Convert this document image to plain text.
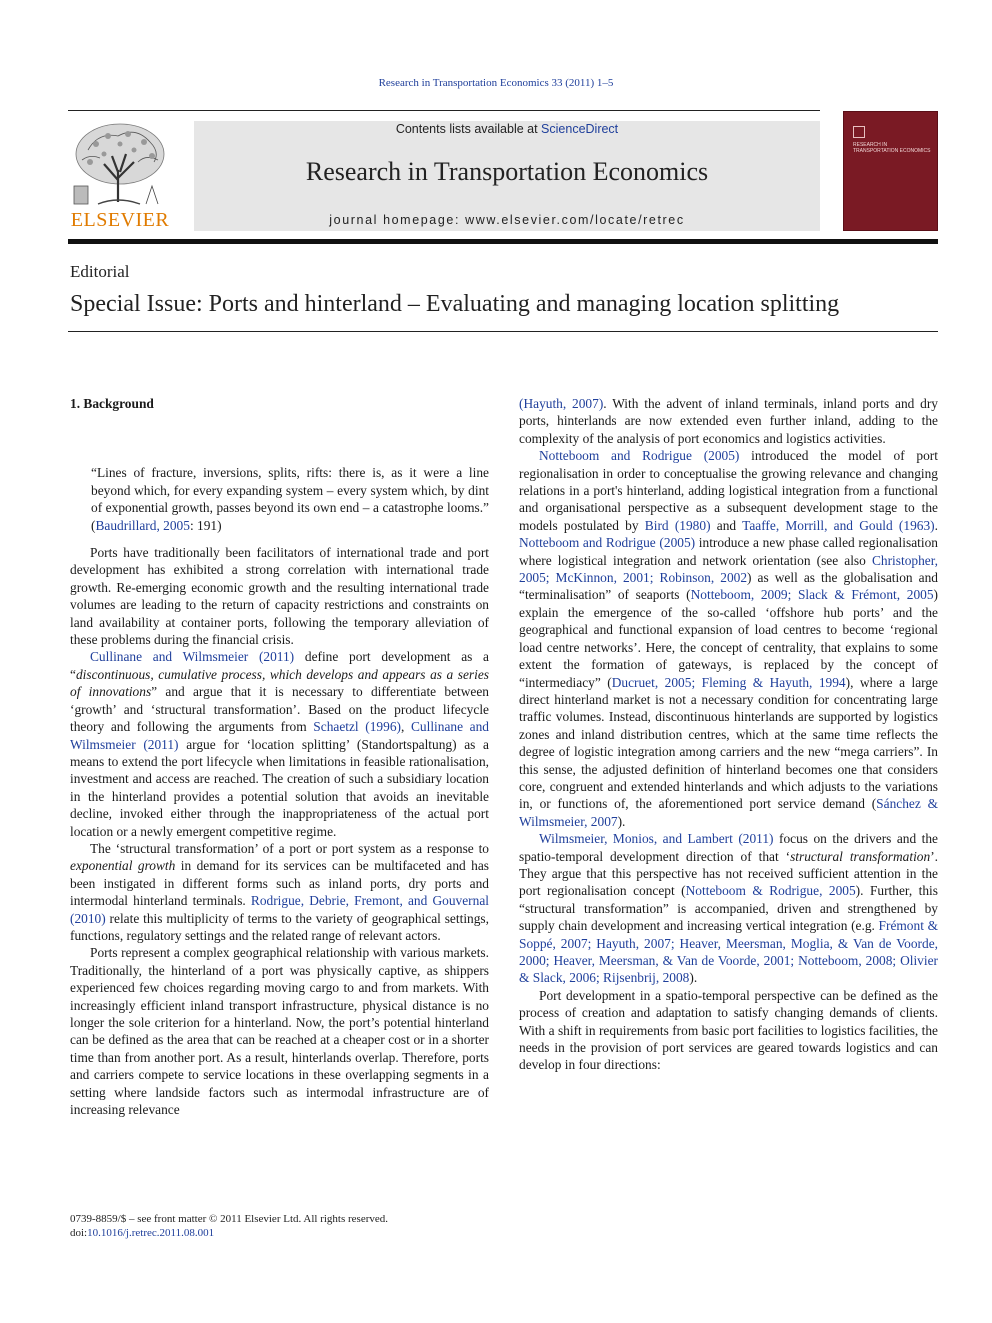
Research in Transportation Economics 33 (2011) 1–5
ELSEVIER
Contents lists available at ScienceDirect
Research in Transportation Economics
journal homepage: www.elsevier.com/locate/retrec
RESEARCH IN TRANSPORTATION ECONOMICS
Editorial
Special Issue: Ports and hinterland – Evaluating and managing location splitting
1. Background

“Lines of fracture, inversions, splits, rifts: there is, as it were a line beyond which, for every expanding system – every system which, by dint of exponential growth, passes beyond its own end – a catastrophe looms.” (Baudrillard, 2005: 191)

Ports have traditionally been facilitators of international trade and port development has exhibited a strong correlation with international trade growth. Re-emerging economic growth and the resulting international trade volumes are leading to the return of capacity restrictions and constraints on land availability at container ports, following the temporary alleviation of these problems during the financial crisis.

Cullinane and Wilmsmeier (2011) define port development as a “discontinuous, cumulative process, which develops and appears as a series of innovations” and argue that it is necessary to differentiate between ‘growth’ and ‘structural transformation’. Based on the product lifecycle theory and following the arguments from Schaetzl (1996), Cullinane and Wilmsmeier (2011) argue for ‘location splitting’ (Standortspaltung) as a means to extend the port lifecycle when limitations in feasible rationalisation, investment and access are reached. The creation of such a subsidiary location in the hinterland provides a potential solution that avoids an inevitable decline, invoked either through the inappropriateness of the actual port location or a newly emergent competitive regime.

The ‘structural transformation’ of a port or port system as a response to exponential growth in demand for its services can be multifaceted and has been instigated in different forms such as inland ports, dry ports and intermodal hinterland terminals. Rodrigue, Debrie, Fremont, and Gouvernal (2010) relate this multiplicity of terms to the variety of geographical settings, functions, regulatory settings and the related range of relevant actors.

Ports represent a complex geographical relationship with various markets. Traditionally, the hinterland of a port was physically captive, as shippers experienced few choices regarding moving cargo to and from markets. With increasingly efficient inland transport infrastructure, physical distance is no longer the sole criterion for a hinterland. Now, the port’s potential hinterland can be defined as the area that can be reached at a cheaper cost or in a shorter time than from another port. As a result, hinterlands overlap. Therefore, ports and carriers compete to service locations in these overlapping segments in a setting where landside factors such as intermodal infrastructure are of increasing relevance

(Hayuth, 2007). With the advent of inland terminals, inland ports and dry ports, hinterlands are now extended even further inland, adding to the complexity of the analysis of port economics and logistics activities.

Notteboom and Rodrigue (2005) introduced the model of port regionalisation in order to conceptualise the growing relevance and changing relations in a port's hinterland, adding logistical integration from a functional and organisational perspective as a subsequent development stage to the models postulated by Bird (1980) and Taaffe, Morrill, and Gould (1963). Notteboom and Rodrigue (2005) introduce a new phase called regionalisation where logistical integration and network orientation (see also Christopher, 2005; McKinnon, 2001; Robinson, 2002) as well as the globalisation and “terminalisation” of seaports (Notteboom, 2009; Slack & Frémont, 2005) explain the emergence of the so-called ‘offshore hub ports’ and the geographical and functional expansion of load centres to become ‘regional load centre networks’. Here, the concept of centrality, that explains to some extent the formation of gateways, is replaced by the concept of “intermediacy” (Ducruet, 2005; Fleming & Hayuth, 1994), where a large direct hinterland market is not a necessary condition for concentrating large traffic volumes. Instead, discontinuous hinterlands are supported by logistics zones and inland distribution centres, which at the same time reflects the degree of logistic integration among carriers and the new “mega carriers”. In this sense, the adjusted definition of hinterland becomes one that considers core, congruent and extended hinterlands and which adjusts to the variations in, or functions of, the aforementioned port service demand (Sánchez & Wilmsmeier, 2007).

Wilmsmeier, Monios, and Lambert (2011) focus on the drivers and the spatio-temporal development direction of that ‘structural transformation’. They argue that this perspective has not received sufficient attention in the port regionalisation concept (Notteboom & Rodrigue, 2005). Further, this “structural transformation” is accompanied, driven and strengthened by supply chain development and increasing vertical integration (e.g. Frémont & Soppé, 2007; Hayuth, 2007; Heaver, Meersman, Moglia, & Van de Voorde, 2000; Heaver, Meersman, & Van de Voorde, 2001; Notteboom, 2008; Olivier & Slack, 2006; Rijsenbrij, 2008).

Port development in a spatio-temporal perspective can be defined as the process of creation and adaptation to satisfy changing demands of clients. With a shift in requirements from basic port facilities to logistics facilities, the needs in the provision of port services are geared towards logistics and can develop in four directions:

0739-8859/$ – see front matter © 2011 Elsevier Ltd. All rights reserved.
doi:10.1016/j.retrec.2011.08.001
